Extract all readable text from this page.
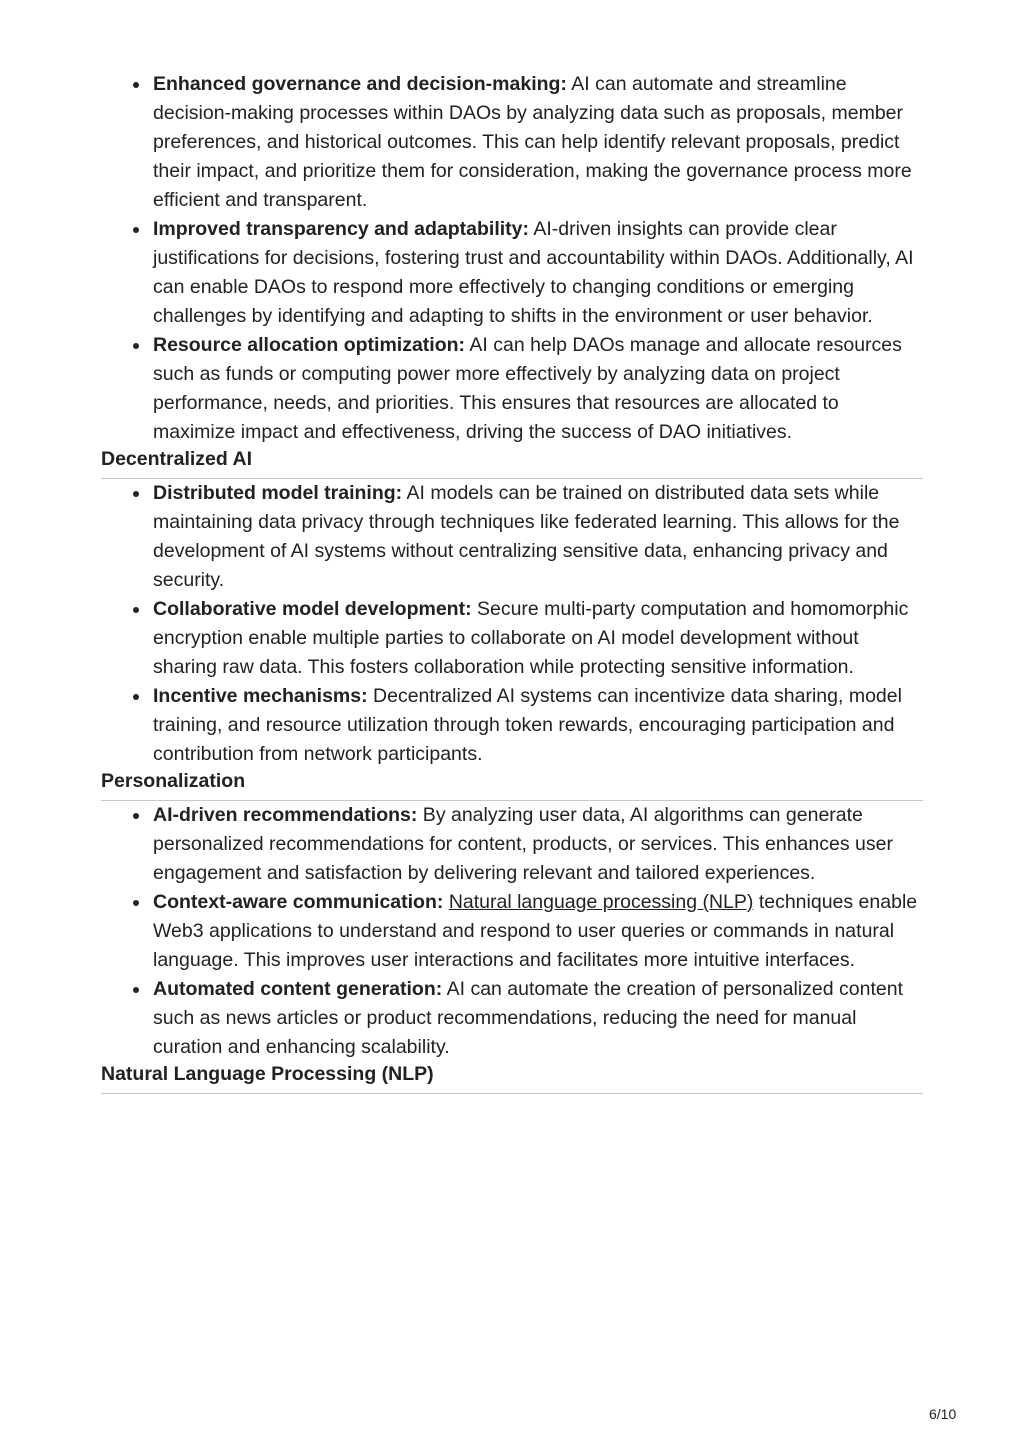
Enhanced governance and decision-making: AI can automate and streamline decision-making processes within DAOs by analyzing data such as proposals, member preferences, and historical outcomes. This can help identify relevant proposals, predict their impact, and prioritize them for consideration, making the governance process more efficient and transparent.
Improved transparency and adaptability: AI-driven insights can provide clear justifications for decisions, fostering trust and accountability within DAOs. Additionally, AI can enable DAOs to respond more effectively to changing conditions or emerging challenges by identifying and adapting to shifts in the environment or user behavior.
Resource allocation optimization: AI can help DAOs manage and allocate resources such as funds or computing power more effectively by analyzing data on project performance, needs, and priorities. This ensures that resources are allocated to maximize impact and effectiveness, driving the success of DAO initiatives.
Decentralized AI
Distributed model training: AI models can be trained on distributed data sets while maintaining data privacy through techniques like federated learning. This allows for the development of AI systems without centralizing sensitive data, enhancing privacy and security.
Collaborative model development: Secure multi-party computation and homomorphic encryption enable multiple parties to collaborate on AI model development without sharing raw data. This fosters collaboration while protecting sensitive information.
Incentive mechanisms: Decentralized AI systems can incentivize data sharing, model training, and resource utilization through token rewards, encouraging participation and contribution from network participants.
Personalization
AI-driven recommendations: By analyzing user data, AI algorithms can generate personalized recommendations for content, products, or services. This enhances user engagement and satisfaction by delivering relevant and tailored experiences.
Context-aware communication: Natural language processing (NLP) techniques enable Web3 applications to understand and respond to user queries or commands in natural language. This improves user interactions and facilitates more intuitive interfaces.
Automated content generation: AI can automate the creation of personalized content such as news articles or product recommendations, reducing the need for manual curation and enhancing scalability.
Natural Language Processing (NLP)
6/10
